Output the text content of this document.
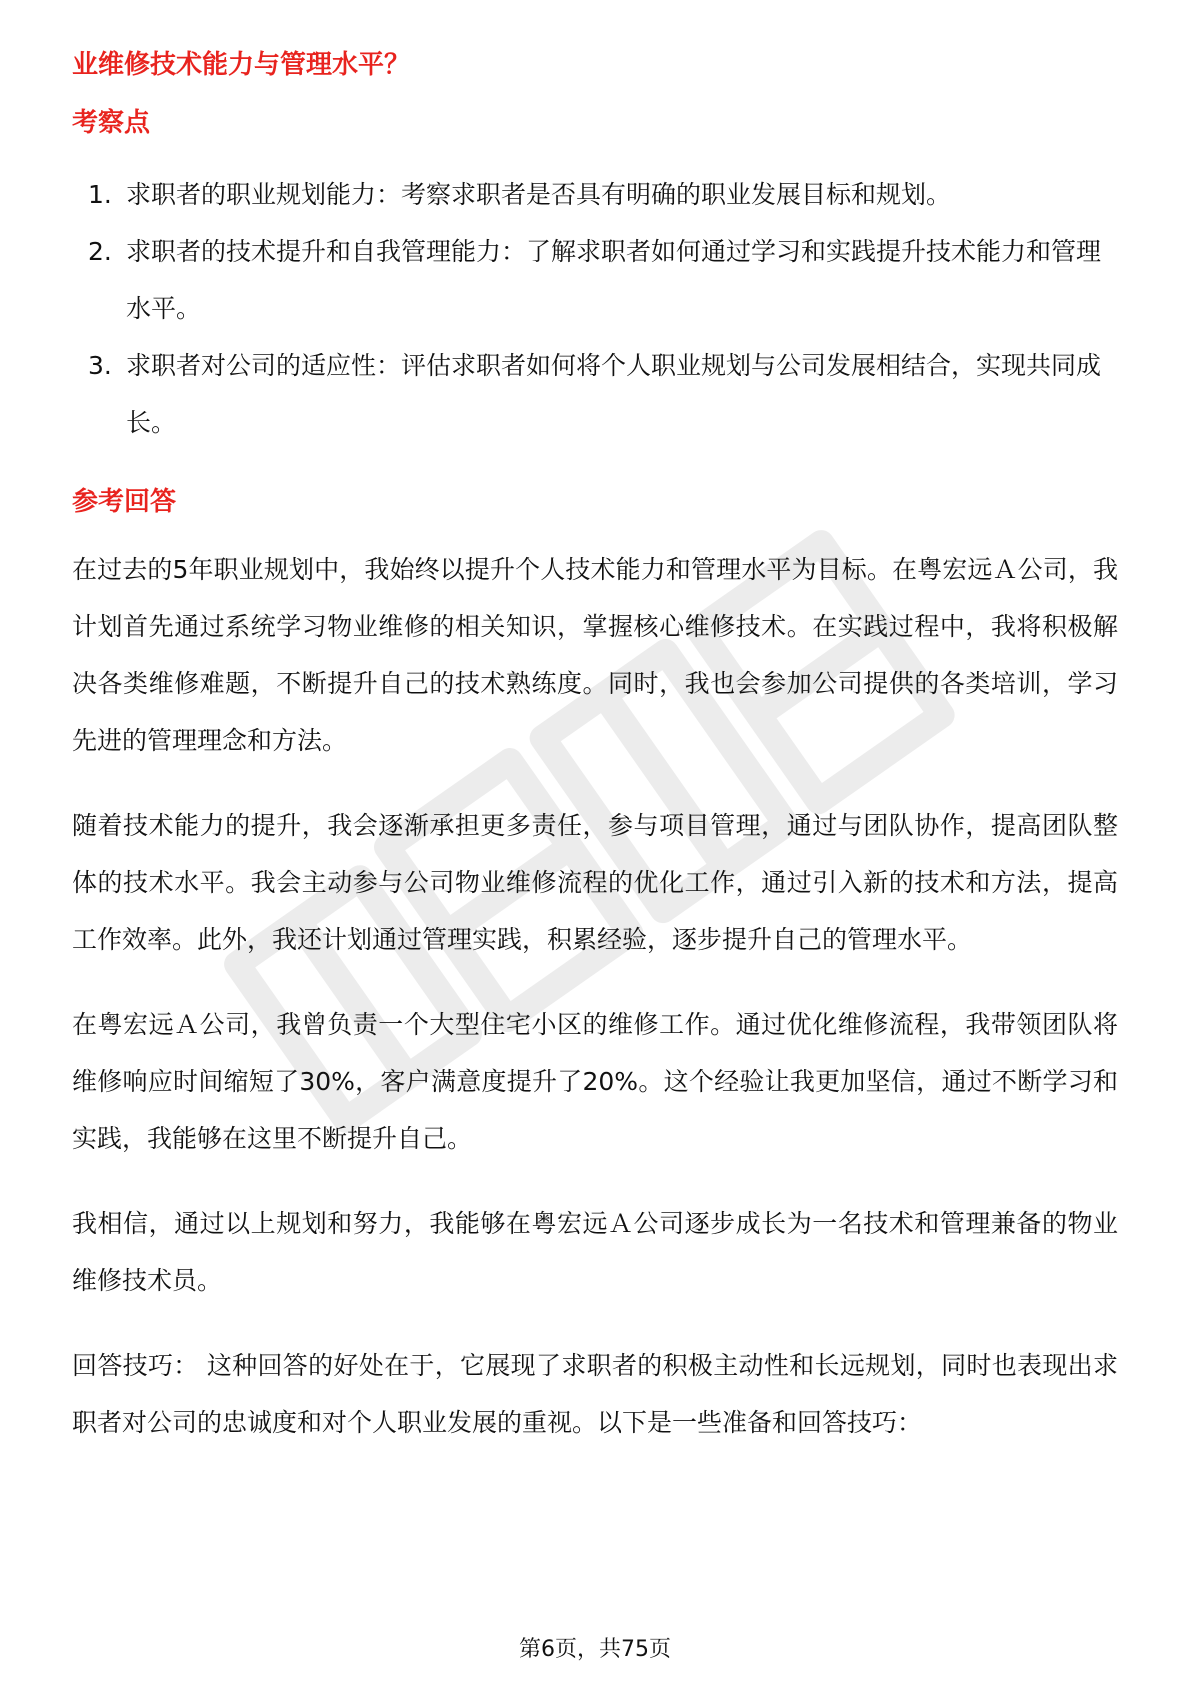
业维修技术能力与管理水平？
考察点
1. 求职者的职业规划能力：考察求职者是否具有明确的职业发展目标和规划。
2. 求职者的技术提升和自我管理能力：了解求职者如何通过学习和实践提升技术能力和管理水平。
3. 求职者对公司的适应性：评估求职者如何将个人职业规划与公司发展相结合，实现共同成长。
参考回答

在过去的5年职业规划中，我始终以提升个人技术能力和管理水平为目标。在粤宏远Ａ公司，我计划首先通过系统学习物业维修的相关知识，掌握核心维修技术。在实践过程中，我将积极解决各类维修难题，不断提升自己的技术熟练度。同时，我也会参加公司提供的各类培训，学习先进的管理理念和方法。

随着技术能力的提升，我会逐渐承担更多责任，参与项目管理，通过与团队协作，提高团队整体的技术水平。我会主动参与公司物业维修流程的优化工作，通过引入新的技术和方法，提高工作效率。此外，我还计划通过管理实践，积累经验，逐步提升自己的管理水平。

在粤宏远Ａ公司，我曾负责一个大型住宅小区的维修工作。通过优化维修流程，我带领团队将维修响应时间缩短了30%，客户满意度提升了20%。这个经验让我更加坚信，通过不断学习和实践，我能够在这里不断提升自己。

我相信，通过以上规划和努力，我能够在粤宏远Ａ公司逐步成长为一名技术和管理兼备的物业维修技术员。

回答技巧： 这种回答的好处在于，它展现了求职者的积极主动性和长远规划，同时也表现出求职者对公司的忠诚度和对个人职业发展的重视。以下是一些准备和回答技巧：

第6页，共75页
